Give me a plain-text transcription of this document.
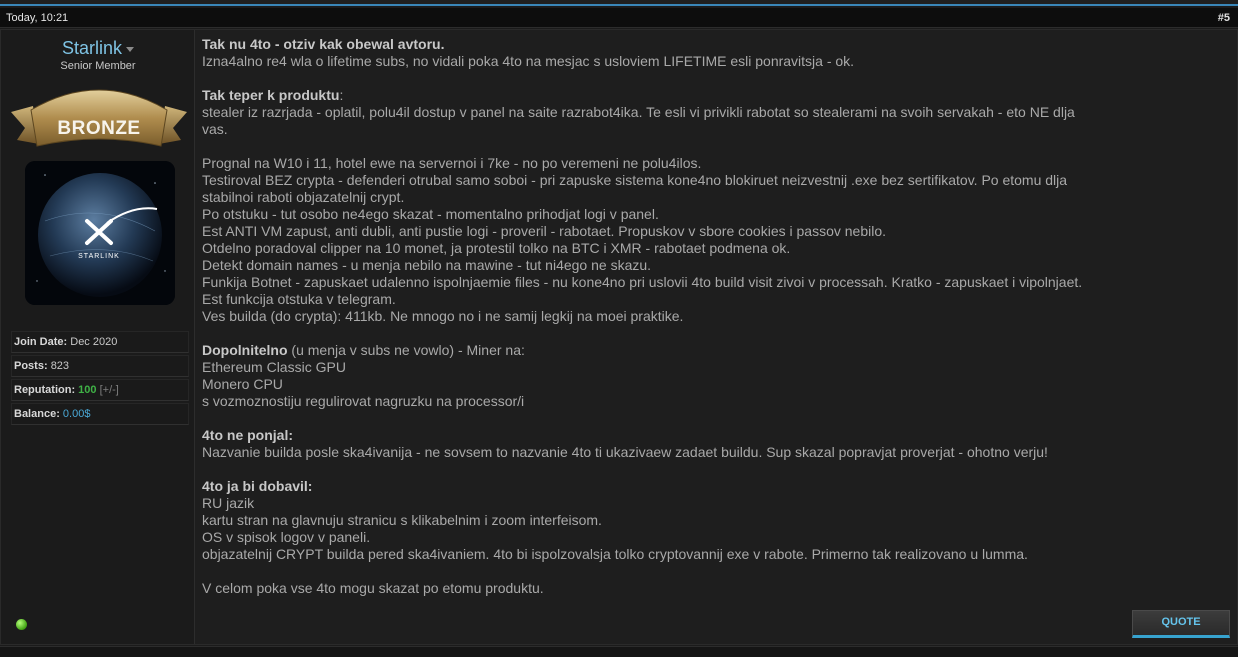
Today, 10:21	#5
Starlink
Senior Member
BRONZE
STARLINK
Join Date: Dec 2020
Posts: 823
Reputation: 100 [+/-]
Balance: 0.00$

Tak nu 4to - otziv kak obewal avtoru.

Izna4alno re4 wla o lifetime subs, no vidali poka 4to na mesjac s usloviem LIFETIME esli ponravitsja - ok.

Tak teper k produktu:

stealer iz razrjada - oplatil, polu4il dostup v panel na saite razrabot4ika. Te esli vi privikli rabotat so stealerami na svoih servakah - eto NE dlja

vas.

Prognal na W10 i 11, hotel ewe na servernoi i 7ke - no po veremeni ne polu4ilos.

Testiroval BEZ crypta - defenderi otrubal samo soboi - pri zapuske sistema kone4no blokiruet neizvestnij .exe bez sertifikatov. Po etomu dlja

stabilnoi raboti objazatelnij crypt.

Po otstuku - tut osobo ne4ego skazat - momentalno prihodjat logi v panel.

Est ANTI VM zapust, anti dubli, anti pustie logi - proveril - rabotaet. Propuskov v sbore cookies i passov nebilo.

Otdelno poradoval clipper na 10 monet, ja protestil tolko na BTC i XMR - rabotaet podmena ok.

Detekt domain names - u menja nebilo na mawine - tut ni4ego ne skazu.

Funkija Botnet - zapuskaet udalenno ispolnjaemie files - nu kone4no pri uslovii 4to build visit zivoi v processah. Kratko - zapuskaet i vipolnjaet.

Est funkcija otstuka v telegram.

Ves builda (do crypta): 411kb. Ne mnogo no i ne samij legkij na moei praktike.

Dopolnitelno (u menja v subs ne vowlo) - Miner na:

Ethereum Classic GPU

Monero CPU

s vozmoznostiju regulirovat nagruzku na processor/i

4to ne ponjal:

Nazvanie builda posle ska4ivanija - ne sovsem to nazvanie 4to ti ukazivaew zadaet buildu. Sup skazal popravjat proverjat - ohotno verju!

4to ja bi dobavil:

RU jazik

kartu stran na glavnuju stranicu s klikabelnim i zoom interfeisom.

OS v spisok logov v paneli.

objazatelnij CRYPT builda pered ska4ivaniem. 4to bi ispolzovalsja tolko cryptovannij exe v rabote. Primerno tak realizovano u lumma.

V celom poka vse 4to mogu skazat po etomu produktu.

QUOTE
